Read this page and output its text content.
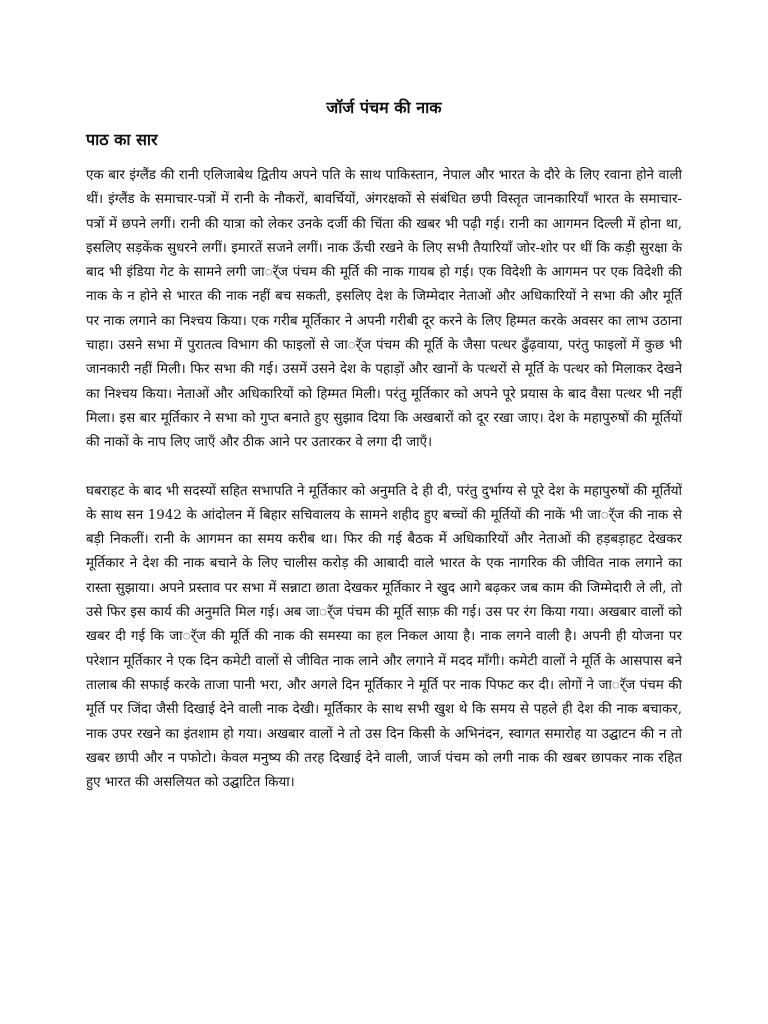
जॉर्ज पंचम की नाक
पाठ का सार

एक बार इंग्लैंड की रानी एलिजाबेथ द्वितीय अपने पति के साथ पाकिस्तान, नेपाल और भारत के दौरे के लिए रवाना होने वाली थीं। इंग्लैंड के समाचार-पत्रों में रानी के नौकरों, बावर्चियों, अंगरक्षकों से संबंधित छपी विस्तृत जानकारियाँ भारत के समाचार-पत्रों में छपने लगीं। रानी की यात्रा को लेकर उनके दर्जी की चिंता की खबर भी पढ़ी गई। रानी का आगमन दिल्ली में होना था, इसलिए सड़केंक सुधरने लगीं। इमारतें सजने लगीं। नाक ऊँची रखने के लिए सभी तैयारियाँ जोर-शोर पर थीं कि कड़ी सुरक्षा के बाद भी इंडिया गेट के सामने लगी जार्ॅज पंचम की मूर्ति की नाक गायब हो गई। एक विदेशी के आगमन पर एक विदेशी की नाक के न होने से भारत की नाक नहीं बच सकती, इसलिए देश के जिम्मेदार नेताओं और अधिकारियों ने सभा की और मूर्ति पर नाक लगाने का निश्चय किया। एक गरीब मूर्तिकार ने अपनी गरीबी दूर करने के लिए हिम्मत करके अवसर का लाभ उठाना चाहा। उसने सभा में पुरातत्व विभाग की फाइलों से जार्ॅज पंचम की मूर्ति के जैसा पत्थर ढुँढ़वाया, परंतु फाइलों में कुछ भी जानकारी नहीं मिली। फिर सभा की गई। उसमें उसने देश के पहाड़ों और खानों के पत्थरों से मूर्ति के पत्थर को मिलाकर देखने का निश्चय किया। नेताओं और अधिकारियों को हिम्मत मिली। परंतु मूर्तिकार को अपने पूरे प्रयास के बाद वैसा पत्थर भी नहीं मिला। इस बार मूर्तिकार ने सभा को गुप्त बनाते हुए सुझाव दिया कि अखबारों को दूर रखा जाए। देश के महापुरुषों की मूर्तियों की नाकों के नाप लिए जाएँ और ठीक आने पर उतारकर वे लगा दी जाएँ।

घबराहट के बाद भी सदस्यों सहित सभापति ने मूर्तिकार को अनुमति दे ही दी, परंतु दुर्भाग्य से पूरे देश के महापुरुषों की मूर्तियों के साथ सन 1942 के आंदोलन में बिहार सचिवालय के सामने शहीद हुए बच्चों की मूर्तियों की नाकें भी जार्ॅज की नाक से बड़ी निकलीं। रानी के आगमन का समय करीब था। फिर की गई बैठक में अधिकारियों और नेताओं की हड़बड़ाहट देखकर मूर्तिकार ने देश की नाक बचाने के लिए चालीस करोड़ की आबादी वाले भारत के एक नागरिक की जीवित नाक लगाने का रास्ता सुझाया। अपने प्रस्ताव पर सभा में सन्नाटा छाता देखकर मूर्तिकार ने खुद आगे बढ़कर जब काम की जिम्मेदारी ले ली, तो उसे फिर इस कार्य की अनुमति मिल गई। अब जार्ॅज पंचम की मूर्ति साफ़ की गई। उस पर रंग किया गया। अखबार वालों को खबर दी गई कि जार्ॅज की मूर्ति की नाक की समस्या का हल निकल आया है। नाक लगने वाली है। अपनी ही योजना पर परेशान मूर्तिकार ने एक दिन कमेटी वालों से जीवित नाक लाने और लगाने में मदद माँगी। कमेटी वालों ने मूर्ति के आसपास बने तालाब की सफाई करके ताजा पानी भरा, और अगले दिन मूर्तिकार ने मूर्ति पर नाक पिफट कर दी। लोगों ने जार्ॅज पंचम की मूर्ति पर जिंदा जैसी दिखाई देने वाली नाक देखी। मूर्तिकार के साथ सभी खुश थे कि समय से पहले ही देश की नाक बचाकर, नाक उपर रखने का इंतशाम हो गया। अखबार वालों ने तो उस दिन किसी के अभिनंदन, स्वागत समारोह या उद्घाटन की न तो खबर छापी और न पफोटो। केवल मनुष्य की तरह दिखाई देने वाली, जार्ज पंचम को लगी नाक की खबर छापकर नाक रहित हुए भारत की असलियत को उद्घाटित किया।
